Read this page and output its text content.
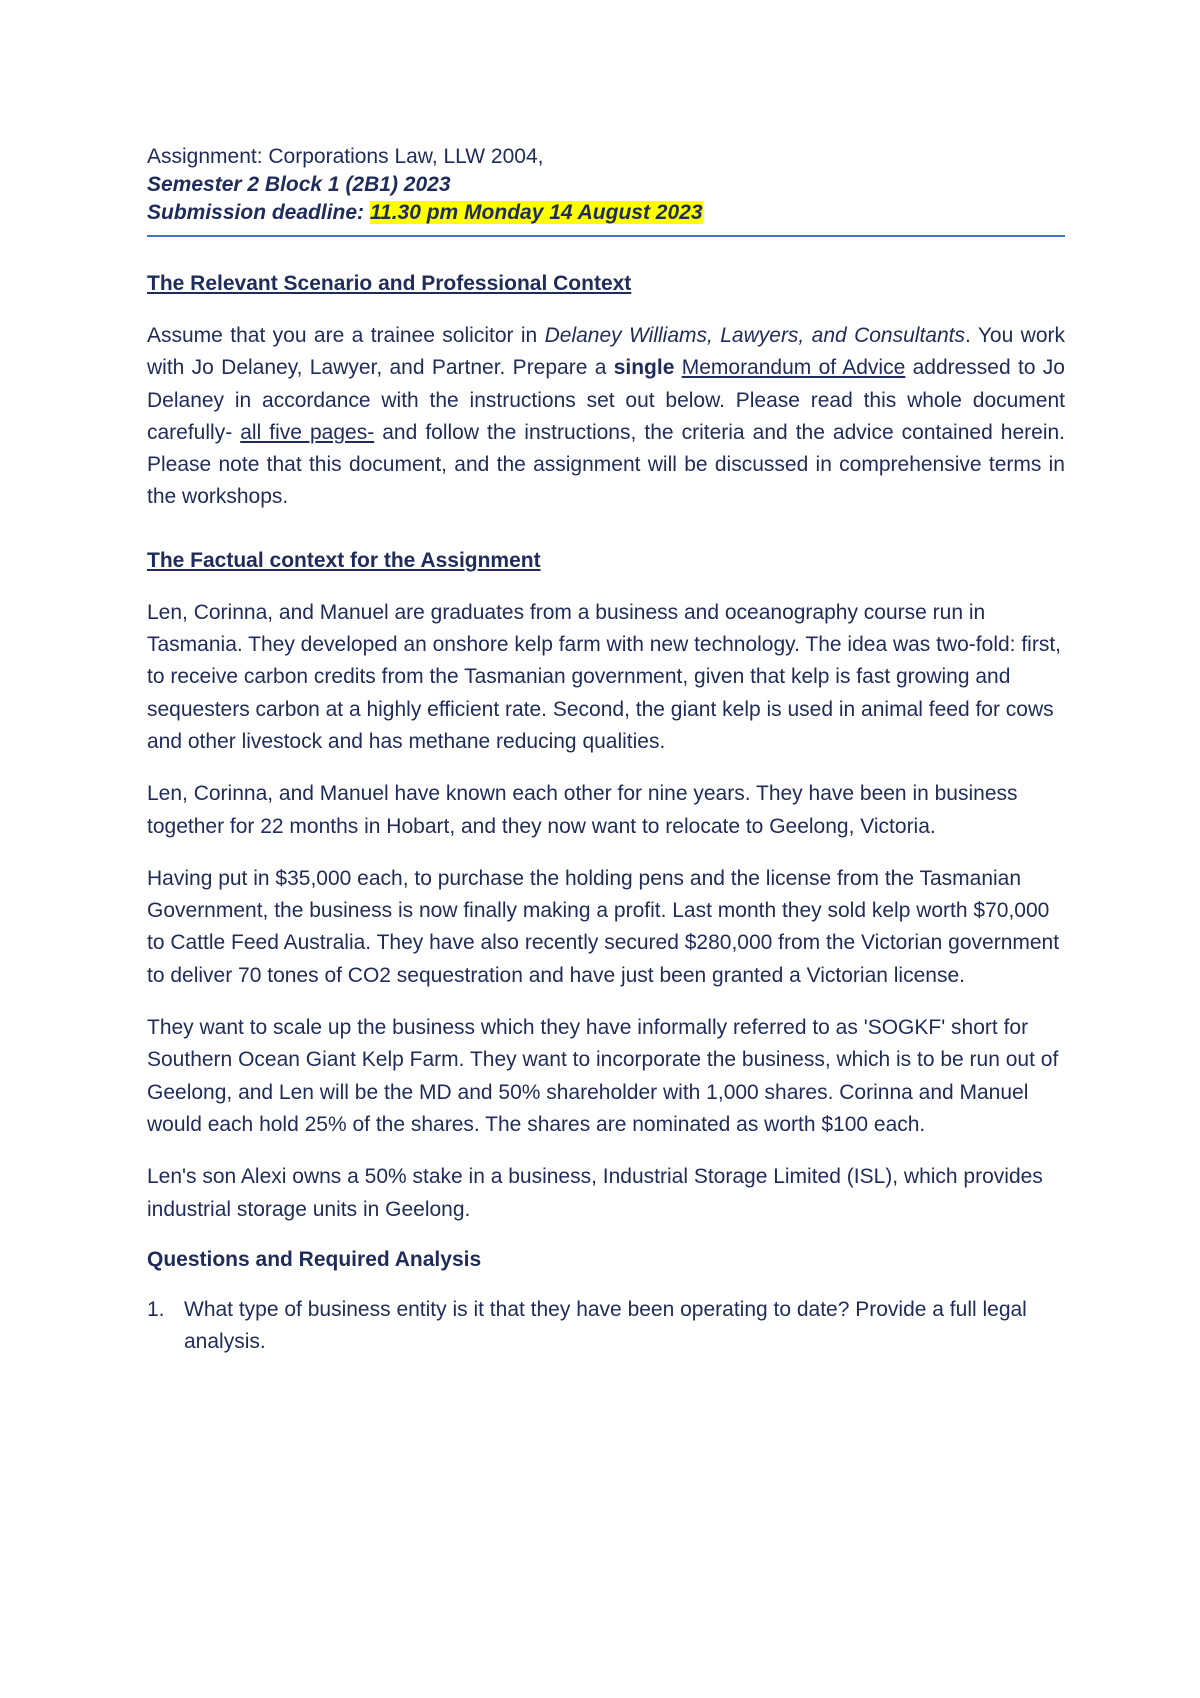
Assignment: Corporations Law, LLW 2004,
Semester 2 Block 1 (2B1) 2023
Submission deadline: 11.30 pm Monday 14 August 2023
The Relevant Scenario and Professional Context

Assume that you are a trainee solicitor in Delaney Williams, Lawyers, and Consultants. You work with Jo Delaney, Lawyer, and Partner. Prepare a single Memorandum of Advice addressed to Jo Delaney in accordance with the instructions set out below. Please read this whole document carefully- all five pages- and follow the instructions, the criteria and the advice contained herein. Please note that this document, and the assignment will be discussed in comprehensive terms in the workshops.

The Factual context for the Assignment

Len, Corinna, and Manuel are graduates from a business and oceanography course run in Tasmania. They developed an onshore kelp farm with new technology. The idea was two-fold: first, to receive carbon credits from the Tasmanian government, given that kelp is fast growing and sequesters carbon at a highly efficient rate. Second, the giant kelp is used in animal feed for cows and other livestock and has methane reducing qualities.

Len, Corinna, and Manuel have known each other for nine years. They have been in business together for 22 months in Hobart, and they now want to relocate to Geelong, Victoria.

Having put in $35,000 each, to purchase the holding pens and the license from the Tasmanian Government, the business is now finally making a profit. Last month they sold kelp worth $70,000 to Cattle Feed Australia. They have also recently secured $280,000 from the Victorian government to deliver 70 tones of CO2 sequestration and have just been granted a Victorian license.

They want to scale up the business which they have informally referred to as 'SOGKF' short for Southern Ocean Giant Kelp Farm. They want to incorporate the business, which is to be run out of Geelong, and Len will be the MD and 50% shareholder with 1,000 shares. Corinna and Manuel would each hold 25% of the shares. The shares are nominated as worth $100 each.

Len's son Alexi owns a 50% stake in a business, Industrial Storage Limited (ISL), which provides industrial storage units in Geelong.

Questions and Required Analysis
1. What type of business entity is it that they have been operating to date? Provide a full legal analysis.
